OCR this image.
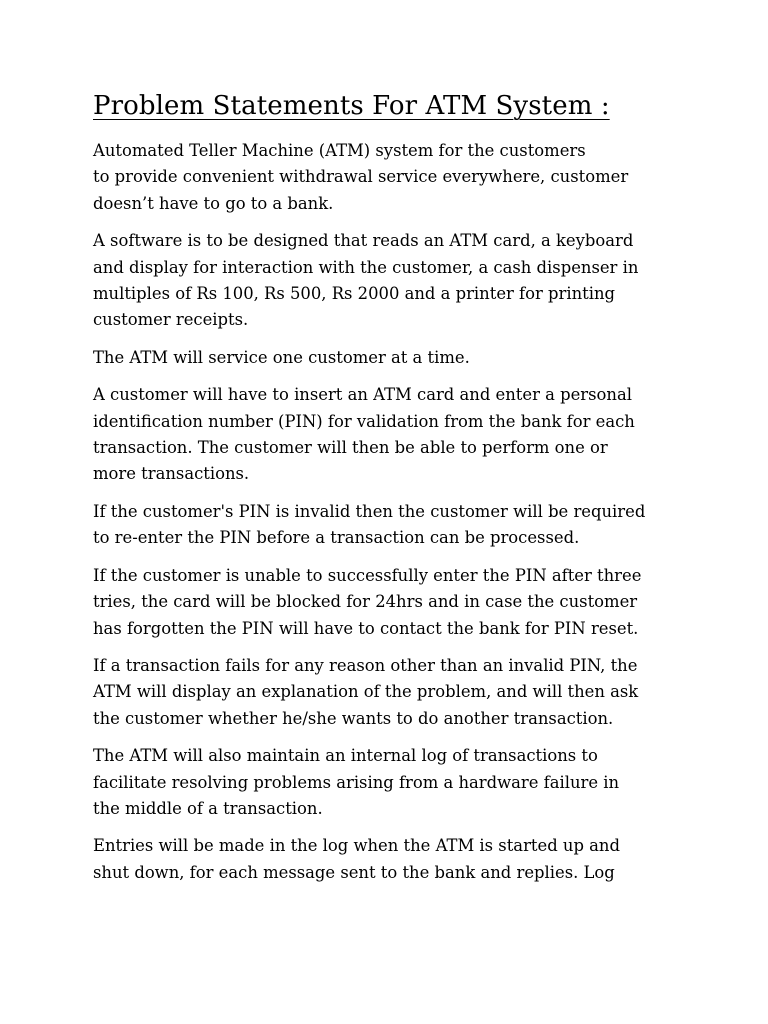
Problem Statements For ATM System :

Automated Teller Machine (ATM) system for the customers
to provide convenient withdrawal service everywhere, customer
doesn’t have to go to a bank.

A software is to be designed that reads an ATM card, a keyboard
and display for interaction with the customer, a cash dispenser in
multiples of Rs 100, Rs 500, Rs 2000 and a printer for printing
customer receipts.

The ATM will service one customer at a time.

A customer will have to insert an ATM card and enter a personal
identification number (PIN) for validation from the bank for each
transaction. The customer will then be able to perform one or
more transactions.

If the customer's PIN is invalid then the customer will be required
to re-enter the PIN before a transaction can be processed.

If the customer is unable to successfully enter the PIN after three
tries, the card will be blocked for 24hrs and in case the customer
has forgotten the PIN will have to contact the bank for PIN reset.

If a transaction fails for any reason other than an invalid PIN, the
ATM will display an explanation of the problem, and will then ask
the customer whether he/she wants to do another transaction.

The ATM will also maintain an internal log of transactions to
facilitate resolving problems arising from a hardware failure in
the middle of a transaction.

Entries will be made in the log when the ATM is started up and
shut down, for each message sent to the bank and replies. Log
